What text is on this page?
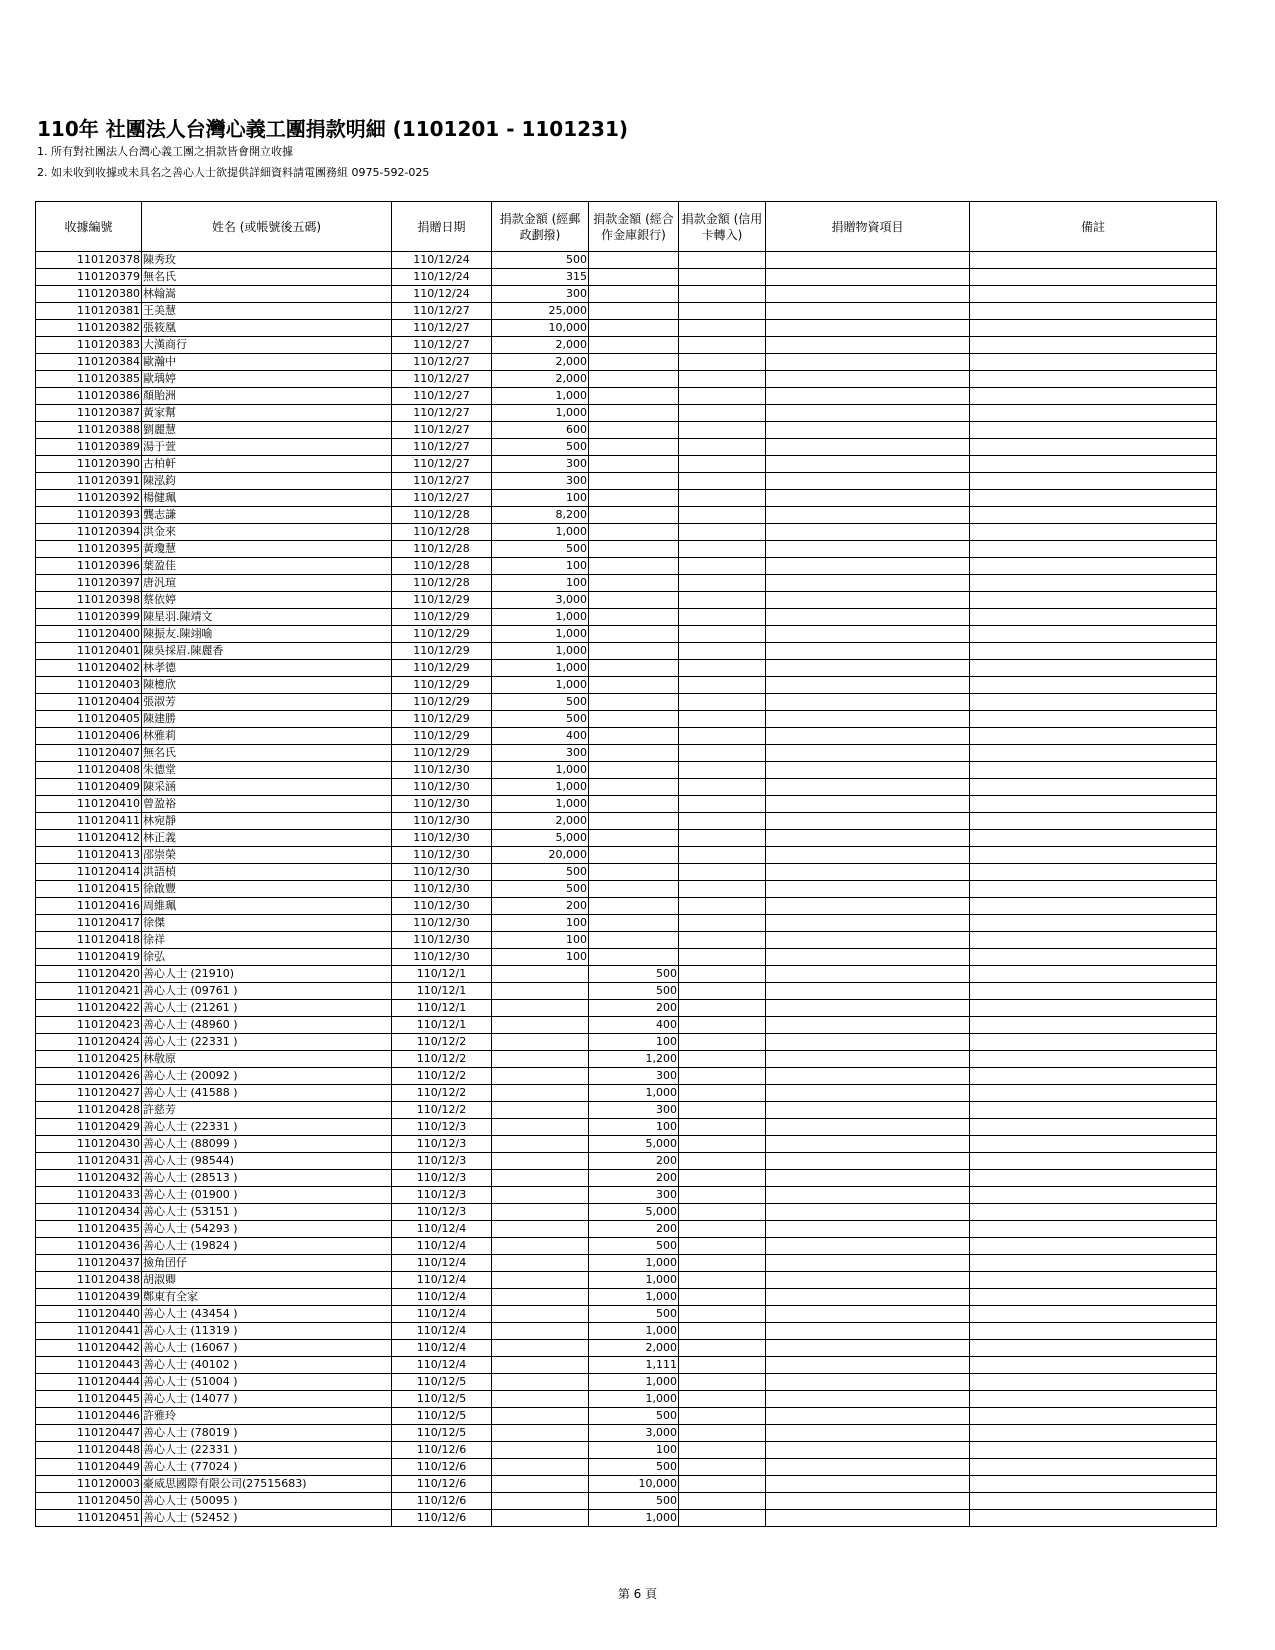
110年 社團法人台灣心義工團捐款明細 (1101201 - 1101231)
1. 所有對社團法人台灣心義工團之捐款皆會開立收據
2. 如未收到收據或未具名之善心人士欲提供詳細資料請電團務組 0975-592-025
收據編號	姓名 (或帳號後五碼)	捐贈日期	捐款金額 (經郵政劃撥)	捐款金額 (經合作金庫銀行)	捐款金額 (信用卡轉入)	捐贈物資項目	備註
110120378	陳秀玫	110/12/24	500				
110120379	無名氏	110/12/24	315				
110120380	林翰嵩	110/12/24	300				
110120381	王美慧	110/12/27	25,000				
110120382	張筱凰	110/12/27	10,000				
110120383	大漢商行	110/12/27	2,000				
110120384	歐瀚中	110/12/27	2,000				
110120385	歐瑀婷	110/12/27	2,000				
110120386	顏貽洲	110/12/27	1,000				
110120387	黃家幫	110/12/27	1,000				
110120388	劉麗慧	110/12/27	600				
110120389	湯于萱	110/12/27	500				
110120390	古柏軒	110/12/27	300				
110120391	陳泓鈞	110/12/27	300				
110120392	楊健珮	110/12/27	100				
110120393	龔志謙	110/12/28	8,200				
110120394	洪金來	110/12/28	1,000				
110120395	黃瓊慧	110/12/28	500				
110120396	葉盈佳	110/12/28	100				
110120397	唐汎瑄	110/12/28	100				
110120398	蔡依婷	110/12/29	3,000				
110120399	陳星羽.陳靖文	110/12/29	1,000				
110120400	陳振友.陳翊喻	110/12/29	1,000				
110120401	陳吳採眉.陳麗香	110/12/29	1,000				
110120402	林孝德	110/12/29	1,000				
110120403	陳檍欣	110/12/29	1,000				
110120404	張淑芳	110/12/29	500				
110120405	陳建勝	110/12/29	500				
110120406	林雅莉	110/12/29	400				
110120407	無名氏	110/12/29	300				
110120408	朱德堂	110/12/30	1,000				
110120409	陳采涵	110/12/30	1,000				
110120410	曾盈裕	110/12/30	1,000				
110120411	林宛靜	110/12/30	2,000				
110120412	林正義	110/12/30	5,000				
110120413	邵崇榮	110/12/30	20,000				
110120414	洪語楨	110/12/30	500				
110120415	徐啟豐	110/12/30	500				
110120416	周維珮	110/12/30	200				
110120417	徐傑	110/12/30	100				
110120418	徐祥	110/12/30	100				
110120419	徐弘	110/12/30	100				
110120420	善心人士 (21910)	110/12/1		500			
110120421	善心人士 (09761 )	110/12/1		500			
110120422	善心人士 (21261 )	110/12/1		200			
110120423	善心人士 (48960 )	110/12/1		400			
110120424	善心人士 (22331 )	110/12/2		100			
110120425	林敬原	110/12/2		1,200			
110120426	善心人士 (20092 )	110/12/2		300			
110120427	善心人士 (41588 )	110/12/2		1,000			
110120428	許慈芳	110/12/2		300			
110120429	善心人士 (22331 )	110/12/3		100			
110120430	善心人士 (88099 )	110/12/3		5,000			
110120431	善心人士 (98544)	110/12/3		200			
110120432	善心人士 (28513 )	110/12/3		200			
110120433	善心人士 (01900 )	110/12/3		300			
110120434	善心人士 (53151 )	110/12/3		5,000			
110120435	善心人士 (54293 )	110/12/4		200			
110120436	善心人士 (19824 )	110/12/4		500			
110120437	撿角囝仔	110/12/4		1,000			
110120438	胡淑卿	110/12/4		1,000			
110120439	鄭東有全家	110/12/4		1,000			
110120440	善心人士 (43454 )	110/12/4		500			
110120441	善心人士 (11319 )	110/12/4		1,000			
110120442	善心人士 (16067 )	110/12/4		2,000			
110120443	善心人士 (40102 )	110/12/4		1,111			
110120444	善心人士 (51004 )	110/12/5		1,000			
110120445	善心人士 (14077 )	110/12/5		1,000			
110120446	許雅玲	110/12/5		500			
110120447	善心人士 (78019 )	110/12/5		3,000			
110120448	善心人士 (22331 )	110/12/6		100			
110120449	善心人士 (77024 )	110/12/6		500			
110120003	豪威思國際有限公司(27515683)	110/12/6		10,000			
110120450	善心人士 (50095 )	110/12/6		500			
110120451	善心人士 (52452 )	110/12/6		1,000			
第 6 頁
